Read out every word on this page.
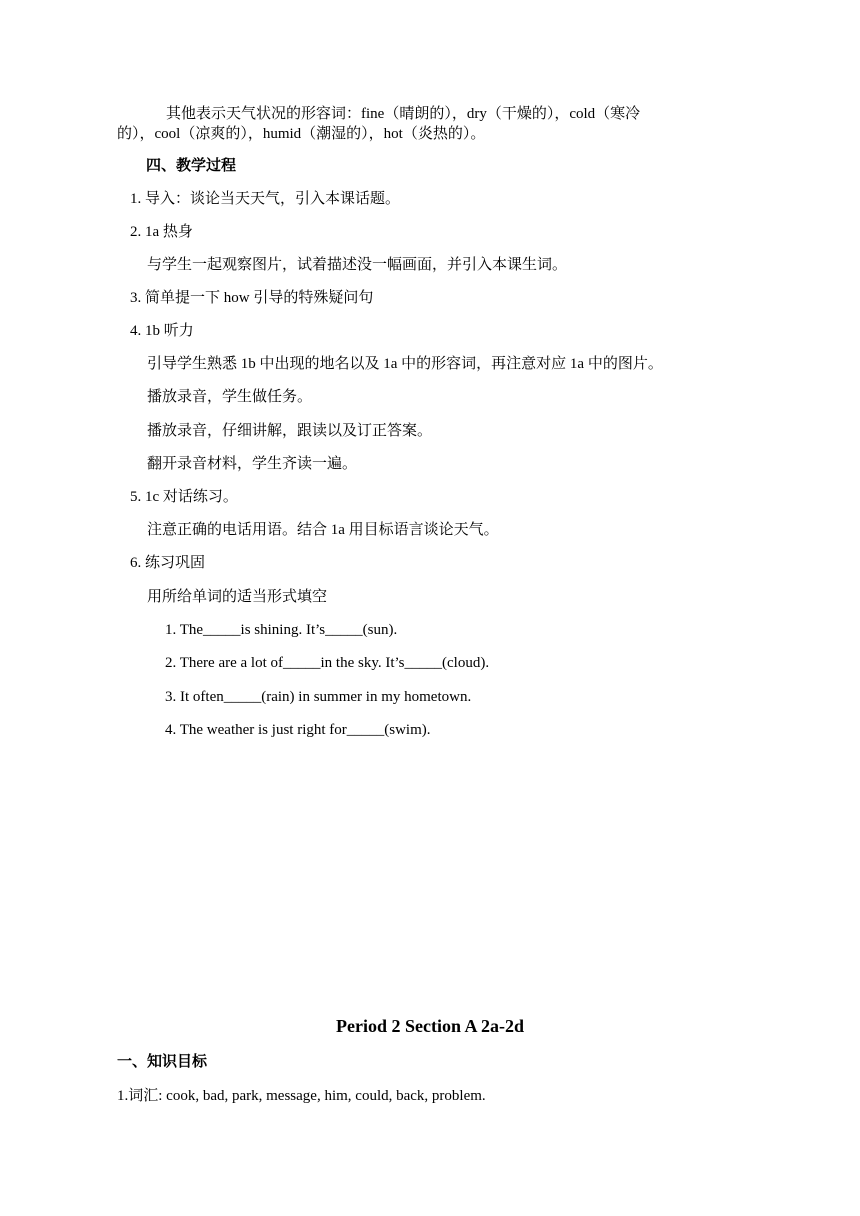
其他表示天气状况的形容词：fine（晴朗的），dry（干燥的），cold（寒冷
的），cool（凉爽的），humid（潮湿的），hot（炎热的）。
四、教学过程
1. 导入：谈论当天天气，引入本课话题。
2. 1a 热身
与学生一起观察图片，试着描述没一幅画面，并引入本课生词。
3. 简单提一下 how 引导的特殊疑问句
4. 1b 听力
引导学生熟悉 1b 中出现的地名以及 1a 中的形容词，再注意对应 1a 中的图片。
播放录音，学生做任务。
播放录音，仔细讲解，跟读以及订正答案。
翻开录音材料，学生齐读一遍。
5. 1c 对话练习。
注意正确的电话用语。结合 1a 用目标语言谈论天气。
6. 练习巩固
用所给单词的适当形式填空
1. The_____is shining. It’s_____(sun).
2. There are a lot of_____in the sky. It’s_____(cloud).
3. It often_____(rain) in summer in my hometown.
4. The weather is just right for_____(swim).
Period 2 Section A 2a-2d
一、知识目标
1.词汇: cook, bad, park, message, him, could, back, problem.
